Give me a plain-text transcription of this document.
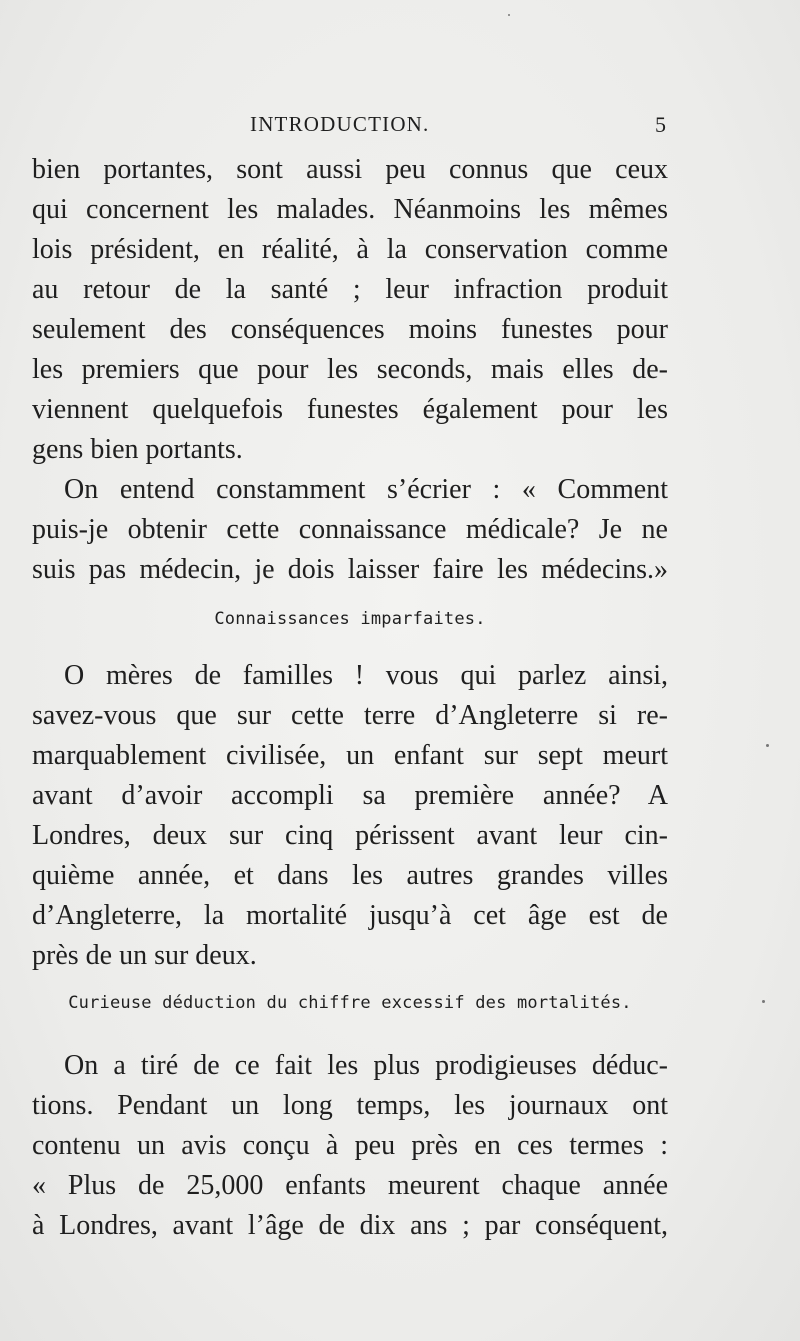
INTRODUCTION.	5
bien portantes, sont aussi peu connus que ceux
qui concernent les malades. Néanmoins les mêmes
lois président, en réalité, à la conservation comme
au retour de la santé ; leur infraction produit
seulement des conséquences moins funestes pour
les premiers que pour les seconds, mais elles de-
viennent quelquefois funestes également pour les
gens bien portants.
On entend constamment s’écrier : « Comment
puis-je obtenir cette connaissance médicale? Je ne
suis pas médecin, je dois laisser faire les médecins.»
Connaissances imparfaites.
O mères de familles ! vous qui parlez ainsi,
savez-vous que sur cette terre d’Angleterre si re-
marquablement civilisée, un enfant sur sept meurt
avant d’avoir accompli sa première année? A
Londres, deux sur cinq périssent avant leur cin-
quième année, et dans les autres grandes villes
d’Angleterre, la mortalité jusqu’à cet âge est de
près de un sur deux.
Curieuse déduction du chiffre excessif des mortalités.
On a tiré de ce fait les plus prodigieuses déduc-
tions. Pendant un long temps, les journaux ont
contenu un avis conçu à peu près en ces termes :
« Plus de 25,000 enfants meurent chaque année
à Londres, avant l’âge de dix ans ; par conséquent,
